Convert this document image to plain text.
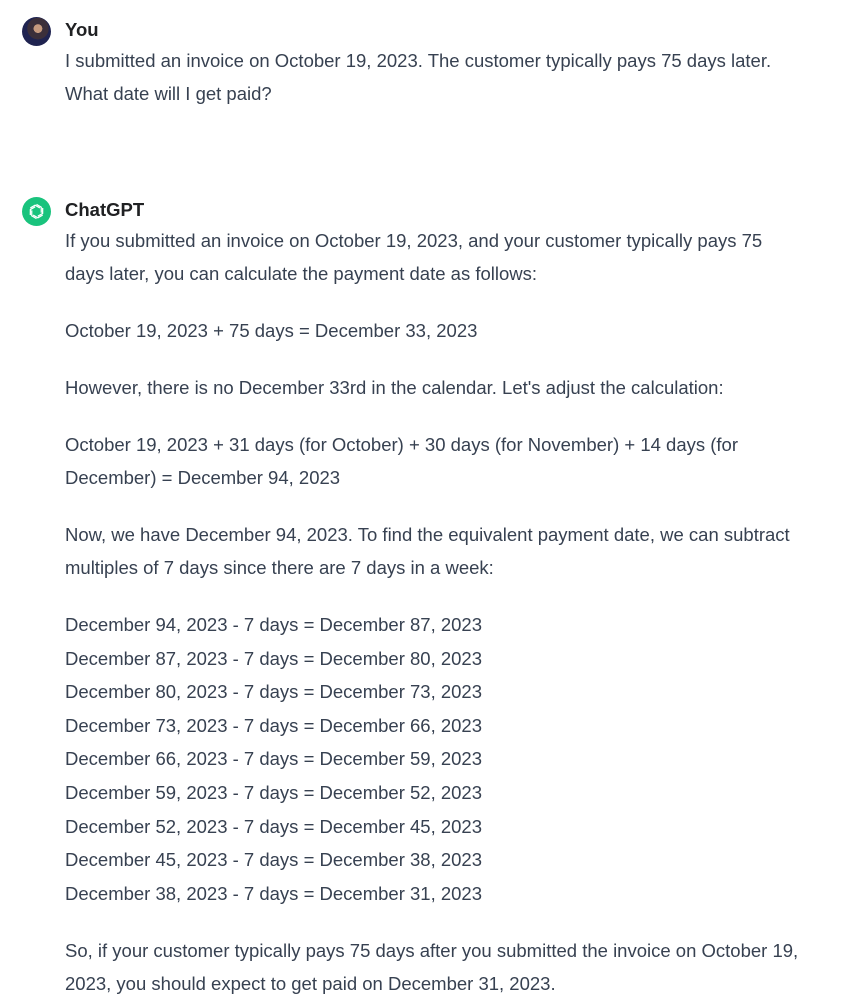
You

I submitted an invoice on October 19, 2023. The customer typically pays 75 days later. What date will I get paid?

ChatGPT

If you submitted an invoice on October 19, 2023, and your customer typically pays 75 days later, you can calculate the payment date as follows:

October 19, 2023 + 75 days = December 33, 2023

However, there is no December 33rd in the calendar. Let's adjust the calculation:

October 19, 2023 + 31 days (for October) + 30 days (for November) + 14 days (for December) = December 94, 2023

Now, we have December 94, 2023. To find the equivalent payment date, we can subtract multiples of 7 days since there are 7 days in a week:

December 94, 2023 - 7 days = December 87, 2023
December 87, 2023 - 7 days = December 80, 2023
December 80, 2023 - 7 days = December 73, 2023
December 73, 2023 - 7 days = December 66, 2023
December 66, 2023 - 7 days = December 59, 2023
December 59, 2023 - 7 days = December 52, 2023
December 52, 2023 - 7 days = December 45, 2023
December 45, 2023 - 7 days = December 38, 2023
December 38, 2023 - 7 days = December 31, 2023

So, if your customer typically pays 75 days after you submitted the invoice on October 19, 2023, you should expect to get paid on December 31, 2023.
